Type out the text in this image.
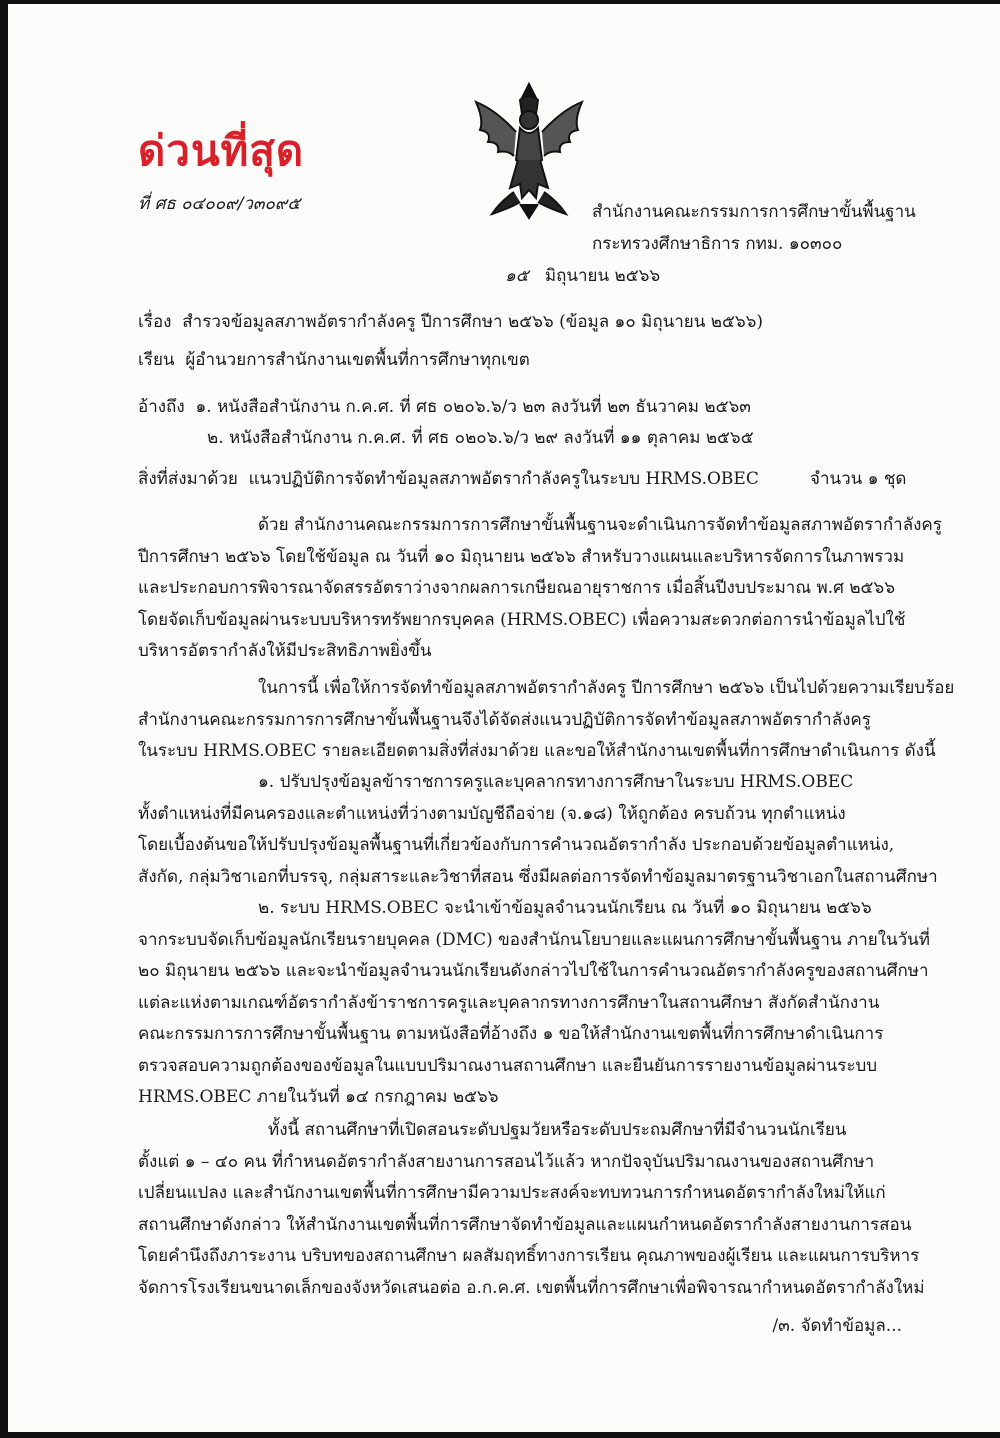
ด่วนที่สุด
ที่ ศธ ๐๔๐๐๙/ว๓๐๙๕	สำนักงานคณะกรรมการการศึกษาขั้นพื้นฐาน
กระทรวงศึกษาธิการ กทม. ๑๐๓๐๐
๑๕ มิถุนายน ๒๕๖๖
เรื่อง สำรวจข้อมูลสภาพอัตรากำลังครู ปีการศึกษา ๒๕๖๖ (ข้อมูล ๑๐ มิถุนายน ๒๕๖๖)
เรียน ผู้อำนวยการสำนักงานเขตพื้นที่การศึกษาทุกเขต
อ้างถึง ๑. หนังสือสำนักงาน ก.ค.ศ. ที่ ศธ ๐๒๐๖.๖/ว ๒๓ ลงวันที่ ๒๓ ธันวาคม ๒๕๖๓
๒. หนังสือสำนักงาน ก.ค.ศ. ที่ ศธ ๐๒๐๖.๖/ว ๒๙ ลงวันที่ ๑๑ ตุลาคม ๒๕๖๕
สิ่งที่ส่งมาด้วย แนวปฏิบัติการจัดทำข้อมูลสภาพอัตรากำลังครูในระบบ HRMS.OBEC	จำนวน ๑ ชุด
ด้วย สำนักงานคณะกรรมการการศึกษาขั้นพื้นฐานจะดำเนินการจัดทำข้อมูลสภาพอัตรากำลังครู
ปีการศึกษา ๒๕๖๖ โดยใช้ข้อมูล ณ วันที่ ๑๐ มิถุนายน ๒๕๖๖ สำหรับวางแผนและบริหารจัดการในภาพรวม
และประกอบการพิจารณาจัดสรรอัตราว่างจากผลการเกษียณอายุราชการ เมื่อสิ้นปีงบประมาณ พ.ศ ๒๕๖๖
โดยจัดเก็บข้อมูลผ่านระบบบริหารทรัพยากรบุคคล (HRMS.OBEC) เพื่อความสะดวกต่อการนำข้อมูลไปใช้
บริหารอัตรากำลังให้มีประสิทธิภาพยิ่งขึ้น
ในการนี้ เพื่อให้การจัดทำข้อมูลสภาพอัตรากำลังครู ปีการศึกษา ๒๕๖๖ เป็นไปด้วยความเรียบร้อย
สำนักงานคณะกรรมการการศึกษาขั้นพื้นฐานจึงได้จัดส่งแนวปฏิบัติการจัดทำข้อมูลสภาพอัตรากำลังครู
ในระบบ HRMS.OBEC รายละเอียดตามสิ่งที่ส่งมาด้วย และขอให้สำนักงานเขตพื้นที่การศึกษาดำเนินการ ดังนี้
๑. ปรับปรุงข้อมูลข้าราชการครูและบุคลากรทางการศึกษาในระบบ HRMS.OBEC
ทั้งตำแหน่งที่มีคนครองและตำแหน่งที่ว่างตามบัญชีถือจ่าย (จ.๑๘) ให้ถูกต้อง ครบถ้วน ทุกตำแหน่ง
โดยเบื้องต้นขอให้ปรับปรุงข้อมูลพื้นฐานที่เกี่ยวข้องกับการคำนวณอัตรากำลัง ประกอบด้วยข้อมูลตำแหน่ง,
สังกัด, กลุ่มวิชาเอกที่บรรจุ, กลุ่มสาระและวิชาที่สอน ซึ่งมีผลต่อการจัดทำข้อมูลมาตรฐานวิชาเอกในสถานศึกษา
๒. ระบบ HRMS.OBEC จะนำเข้าข้อมูลจำนวนนักเรียน ณ วันที่ ๑๐ มิถุนายน ๒๕๖๖
จากระบบจัดเก็บข้อมูลนักเรียนรายบุคคล (DMC) ของสำนักนโยบายและแผนการศึกษาขั้นพื้นฐาน ภายในวันที่
๒๐ มิถุนายน ๒๕๖๖ และจะนำข้อมูลจำนวนนักเรียนดังกล่าวไปใช้ในการคำนวณอัตรากำลังครูของสถานศึกษา
แต่ละแห่งตามเกณฑ์อัตรากำลังข้าราชการครูและบุคลากรทางการศึกษาในสถานศึกษา สังกัดสำนักงาน
คณะกรรมการการศึกษาขั้นพื้นฐาน ตามหนังสือที่อ้างถึง ๑ ขอให้สำนักงานเขตพื้นที่การศึกษาดำเนินการ
ตรวจสอบความถูกต้องของข้อมูลในแบบปริมาณงานสถานศึกษา และยืนยันการรายงานข้อมูลผ่านระบบ
HRMS.OBEC ภายในวันที่ ๑๔ กรกฎาคม ๒๕๖๖
ทั้งนี้ สถานศึกษาที่เปิดสอนระดับปฐมวัยหรือระดับประถมศึกษาที่มีจำนวนนักเรียน
ตั้งแต่ ๑ – ๔๐ คน ที่กำหนดอัตรากำลังสายงานการสอนไว้แล้ว หากปัจจุบันปริมาณงานของสถานศึกษา
เปลี่ยนแปลง และสำนักงานเขตพื้นที่การศึกษามีความประสงค์จะทบทวนการกำหนดอัตรากำลังใหม่ให้แก่
สถานศึกษาดังกล่าว ให้สำนักงานเขตพื้นที่การศึกษาจัดทำข้อมูลและแผนกำหนดอัตรากำลังสายงานการสอน
โดยคำนึงถึงภาระงาน บริบทของสถานศึกษา ผลสัมฤทธิ์ทางการเรียน คุณภาพของผู้เรียน และแผนการบริหาร
จัดการโรงเรียนขนาดเล็กของจังหวัดเสนอต่อ อ.ก.ค.ศ. เขตพื้นที่การศึกษาเพื่อพิจารณากำหนดอัตรากำลังใหม่
/๓. จัดทำข้อมูล...
